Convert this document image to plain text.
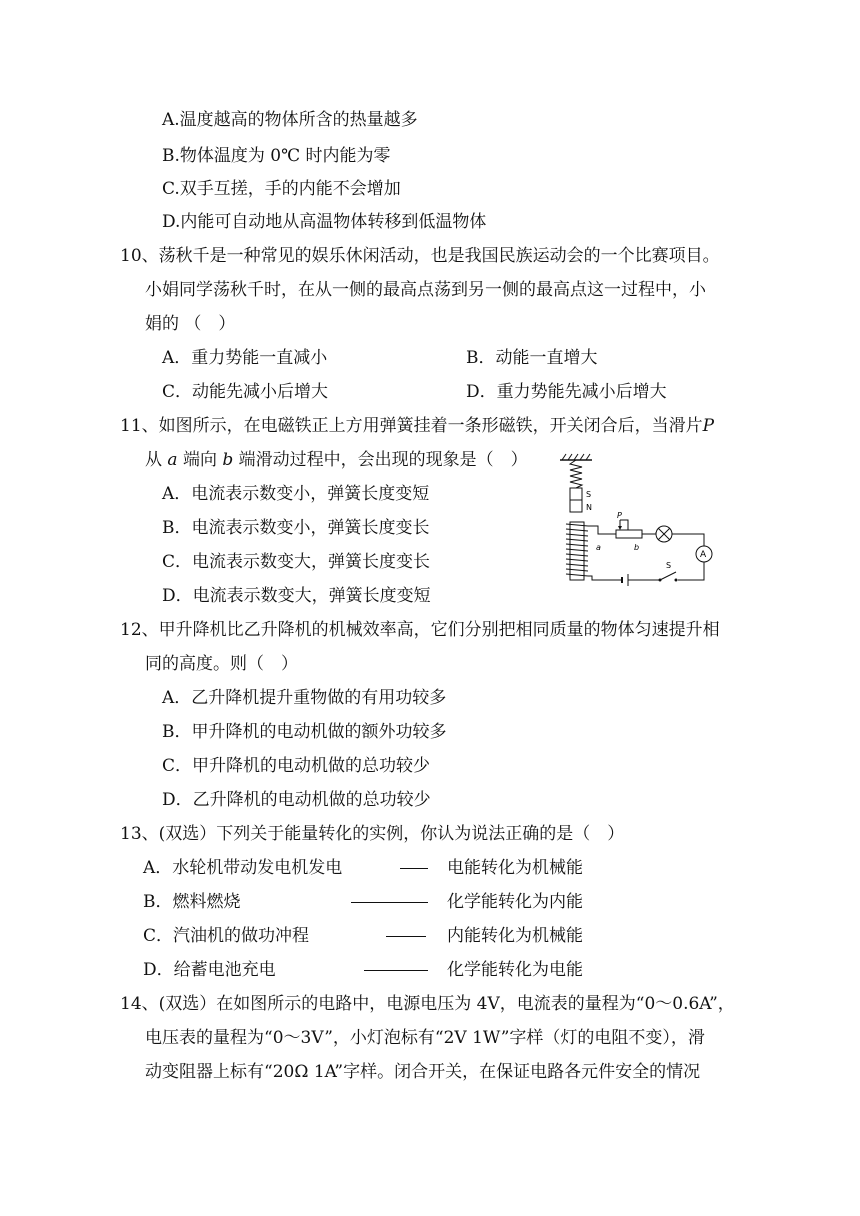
A.温度越高的物体所含的热量越多
B.物体温度为 0℃ 时内能为零
C.双手互搓，手的内能不会增加
D.内能可自动地从高温物体转移到低温物体
10、荡秋千是一种常见的娱乐休闲活动，也是我国民族运动会的一个比赛项目。
小娟同学荡秋千时，在从一侧的最高点荡到另一侧的最高点这一过程中，小
娟的 （　）
A．重力势能一直减小	B．动能一直增大
C．动能先减小后增大	D．重力势能先减小后增大
11、如图所示，在电磁铁正上方用弹簧挂着一条形磁铁，开关闭合后，当滑片P
从 a 端向 b 端滑动过程中，会出现的现象是（　）
A．电流表示数变小，弹簧长度变短
B．电流表示数变小，弹簧长度变长
C．电流表示数变大，弹簧长度变长
D．电流表示数变大，弹簧长度变短
S
N
P
a	b
A
S
12、甲升降机比乙升降机的机械效率高，它们分别把相同质量的物体匀速提升相
同的高度。则（　）
A．乙升降机提升重物做的有用功较多
B．甲升降机的电动机做的额外功较多
C．甲升降机的电动机做的总功较少
D．乙升降机的电动机做的总功较少
13、(双选）下列关于能量转化的实例，你认为说法正确的是（　）
A．水轮机带动发电机发电	电能转化为机械能
B．燃料燃烧	化学能转化为内能
C．汽油机的做功冲程	内能转化为机械能
D．给蓄电池充电	化学能转化为电能
14、(双选）在如图所示的电路中，电源电压为 4V，电流表的量程为“0～0.6A”，
电压表的量程为“0～3V”，小灯泡标有“2V 1W”字样（灯的电阻不变），滑
动变阻器上标有“20Ω 1A”字样。闭合开关，在保证电路各元件安全的情况
